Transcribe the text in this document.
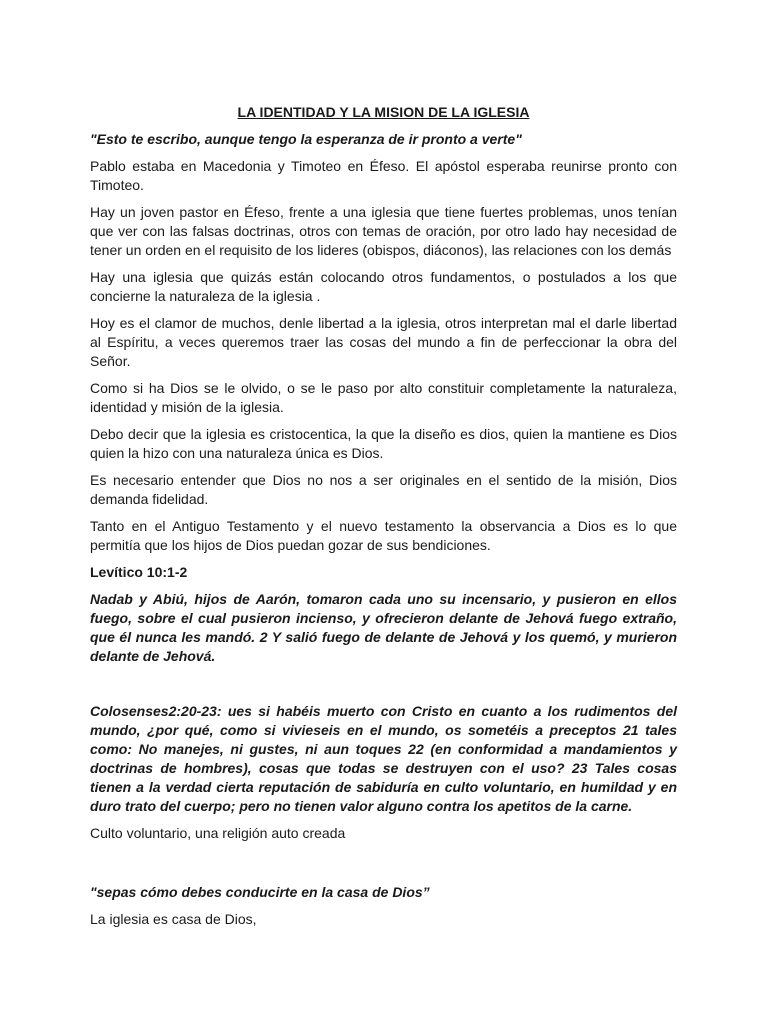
LA IDENTIDAD Y LA MISION DE LA IGLESIA
"Esto te escribo, aunque tengo la esperanza de ir pronto a verte"
Pablo estaba en Macedonia y Timoteo en Éfeso. El apóstol esperaba reunirse pronto con Timoteo.
Hay un joven pastor en Éfeso, frente a una iglesia que tiene fuertes problemas, unos tenían que ver con las falsas doctrinas, otros con temas de oración, por otro lado hay necesidad de tener un orden en el requisito de los lideres (obispos, diáconos), las relaciones con los demás
Hay una iglesia que quizás están colocando otros fundamentos, o postulados a los que concierne la naturaleza de la iglesia .
Hoy es el clamor de muchos, denle libertad a la iglesia, otros interpretan mal el darle libertad al Espíritu, a veces queremos traer las cosas del mundo a fin de perfeccionar la obra del Señor.
Como si ha Dios se le olvido, o se le paso por alto constituir completamente la naturaleza, identidad y misión de la iglesia.
Debo decir que la iglesia es cristocentica, la que la diseño es dios, quien la mantiene es Dios quien la hizo con una naturaleza única es Dios.
Es necesario entender que Dios no nos a ser originales en el sentido de la misión, Dios demanda fidelidad.
Tanto en el Antiguo Testamento y el nuevo testamento la observancia a Dios es lo que permitía que los hijos de Dios puedan gozar de sus bendiciones.
Levítico 10:1-2
Nadab y Abiú, hijos de Aarón, tomaron cada uno su incensario, y pusieron en ellos fuego, sobre el cual pusieron incienso, y ofrecieron delante de Jehová fuego extraño, que él nunca les mandó. 2 Y salió fuego de delante de Jehová y los quemó, y murieron delante de Jehová.
Colosenses2:20-23: ues si habéis muerto con Cristo en cuanto a los rudimentos del mundo, ¿por qué, como si vivieseis en el mundo, os sometéis a preceptos 21 tales como: No manejes, ni gustes, ni aun toques 22 (en conformidad a mandamientos y doctrinas de hombres), cosas que todas se destruyen con el uso? 23 Tales cosas tienen a la verdad cierta reputación de sabiduría en culto voluntario, en humildad y en duro trato del cuerpo; pero no tienen valor alguno contra los apetitos de la carne.
Culto voluntario, una religión auto creada
"sepas cómo debes conducirte en la casa de Dios”
La iglesia es casa de Dios,
